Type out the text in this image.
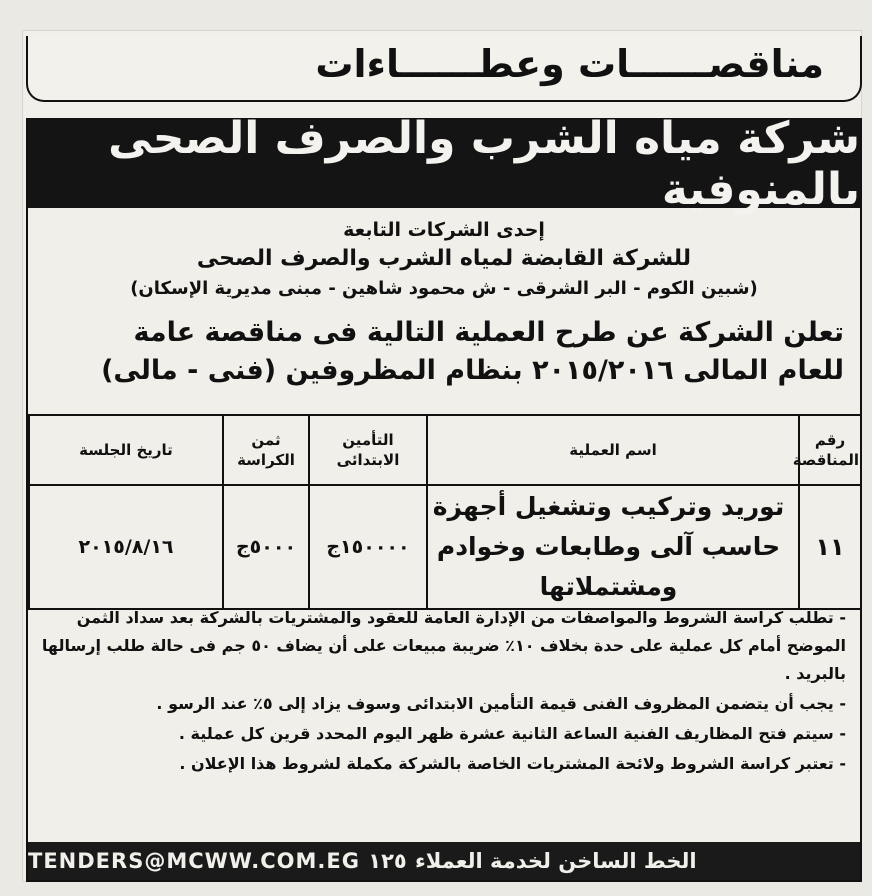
مناقصــــــات وعطــــــاءات
شركة مياه الشرب والصرف الصحى بالمنوفية
إحدى الشركات التابعة
للشركة القابضة لمياه الشرب والصرف الصحى
(شبين الكوم - البر الشرقى - ش محمود شاهين - مبنى مديرية الإسكان)
تعلن الشركة عن طرح العملية التالية فى مناقصة عامة
للعام المالى ٢٠١٥/٢٠١٦ بنظام المظروفين (فنى - مالى)
رقم المناقصة	اسم العملية	التأمين الابتدائى	ثمن الكراسة	تاريخ الجلسة
١١	توريد وتركيب وتشغيل أجهزة حاسب آلى وطابعات وخوادم ومشتملاتها	١٥٠٠٠٠ج	٥٠٠٠ج	٢٠١٥/٨/١٦
- تطلب كراسة الشروط والمواصفات من الإدارة العامة للعقود والمشتريات بالشركة بعد سداد الثمن الموضح أمام كل عملية على حدة بخلاف ١٠٪ ضريبة مبيعات على أن يضاف ٥٠ جم فى حالة طلب إرسالها بالبريد .
- يجب أن يتضمن المظروف الفنى قيمة التأمين الابتدائى وسوف يزاد إلى ٥٪ عند الرسو .
- سيتم فتح المظاريف الفنية الساعة الثانية عشرة ظهر اليوم المحدد قرين كل عملية .
- تعتبر كراسة الشروط ولائحة المشتريات الخاصة بالشركة مكملة لشروط هذا الإعلان .
الخط الساخن لخدمة العملاء

١٢٥

TENDERS@MCWW.COM.EG
